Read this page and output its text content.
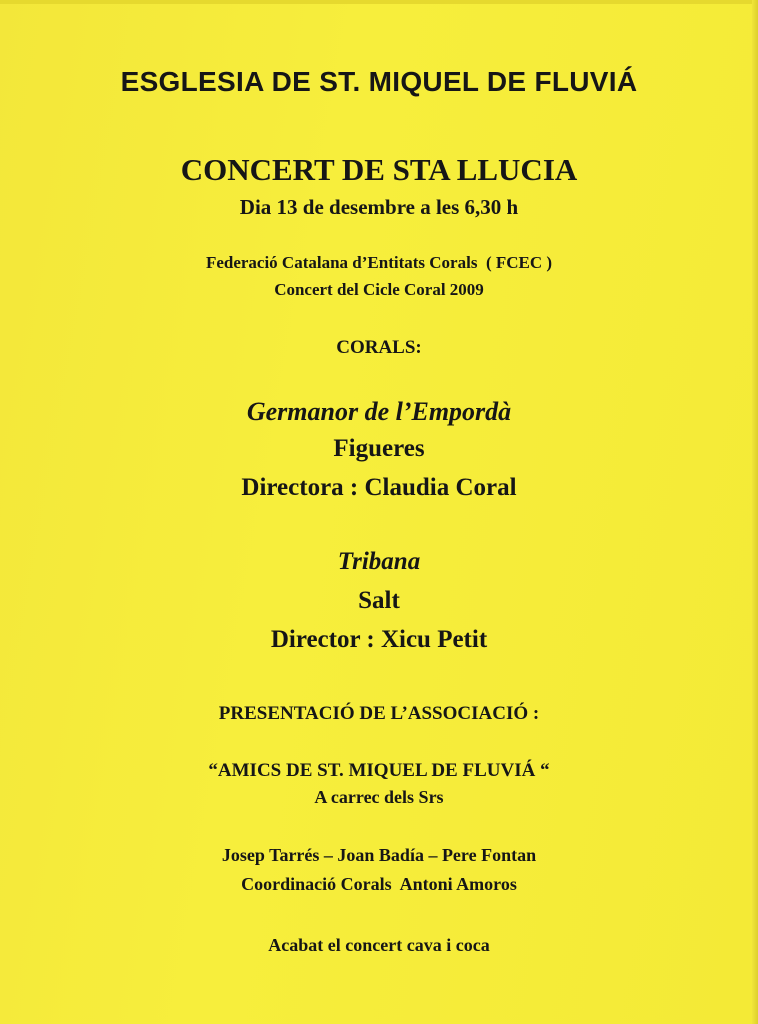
ESGLESIA DE ST. MIQUEL DE FLUVIÁ
CONCERT DE STA LLUCIA
Dia 13 de desembre a les 6,30 h
Federació Catalana d’Entitats Corals  ( FCEC )
Concert del Cicle Coral 2009
CORALS:
Germanor de l’Empordà
Figueres
Directora : Claudia Coral
Tribana
Salt
Director : Xicu Petit
PRESENTACIÓ DE L’ASSOCIACIÓ :
“AMICS DE ST. MIQUEL DE FLUVIÁ “
A carrec dels Srs
Josep Tarrés – Joan Badía – Pere Fontan
Coordinació Corals  Antoni Amoros
Acabat el concert cava i coca
